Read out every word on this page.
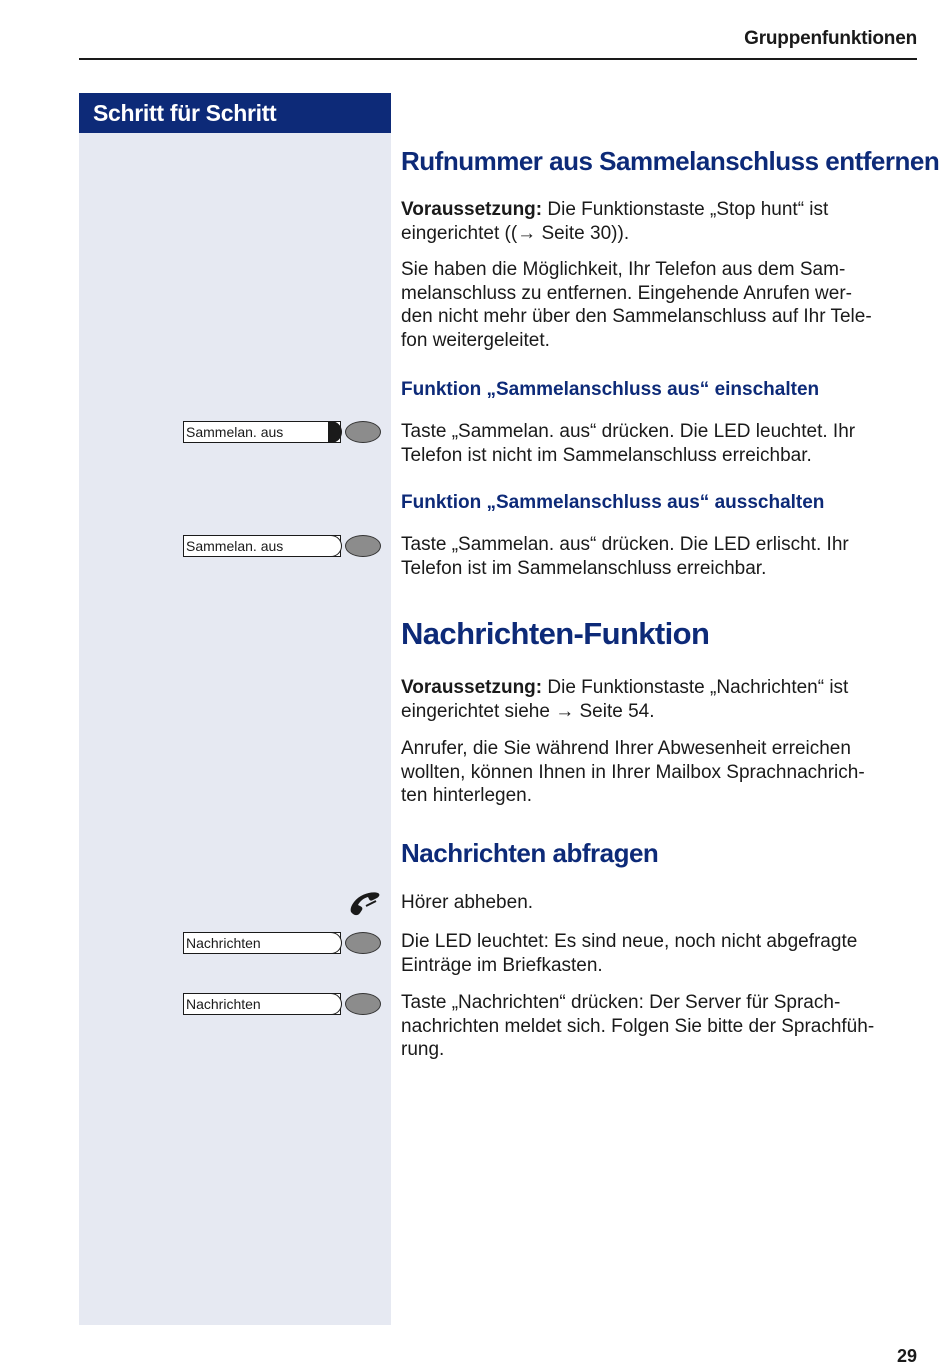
Gruppenfunktionen
Schritt für Schritt
Rufnummer aus Sammelanschluss entfernen
Voraussetzung: Die Funktionstaste „Stop hunt“ ist
eingerichtet ((→ Seite 30)).
Sie haben die Möglichkeit, Ihr Telefon aus dem Sam-
melanschluss zu entfernen. Eingehende Anrufen wer-
den nicht mehr über den Sammelanschluss auf Ihr Tele-
fon weitergeleitet.
Funktion „Sammelanschluss aus“ einschalten
Sammelan. aus	Taste „Sammelan. aus“ drücken. Die LED leuchtet. Ihr
Telefon ist nicht im Sammelanschluss erreichbar.
Funktion „Sammelanschluss aus“ ausschalten
Sammelan. aus	Taste „Sammelan. aus“ drücken. Die LED erlischt. Ihr
Telefon ist im Sammelanschluss erreichbar.
Nachrichten-Funktion
Voraussetzung: Die Funktionstaste „Nachrichten“ ist
eingerichtet siehe → Seite 54.
Anrufer, die Sie während Ihrer Abwesenheit erreichen
wollten, können Ihnen in Ihrer Mailbox Sprachnachrich-
ten hinterlegen.
Nachrichten abfragen
Hörer abheben.
Nachrichten	Die LED leuchtet: Es sind neue, noch nicht abgefragte
Einträge im Briefkasten.
Nachrichten	Taste „Nachrichten“ drücken: Der Server für Sprach-
nachrichten meldet sich. Folgen Sie bitte der Sprachfüh-
rung.
29
